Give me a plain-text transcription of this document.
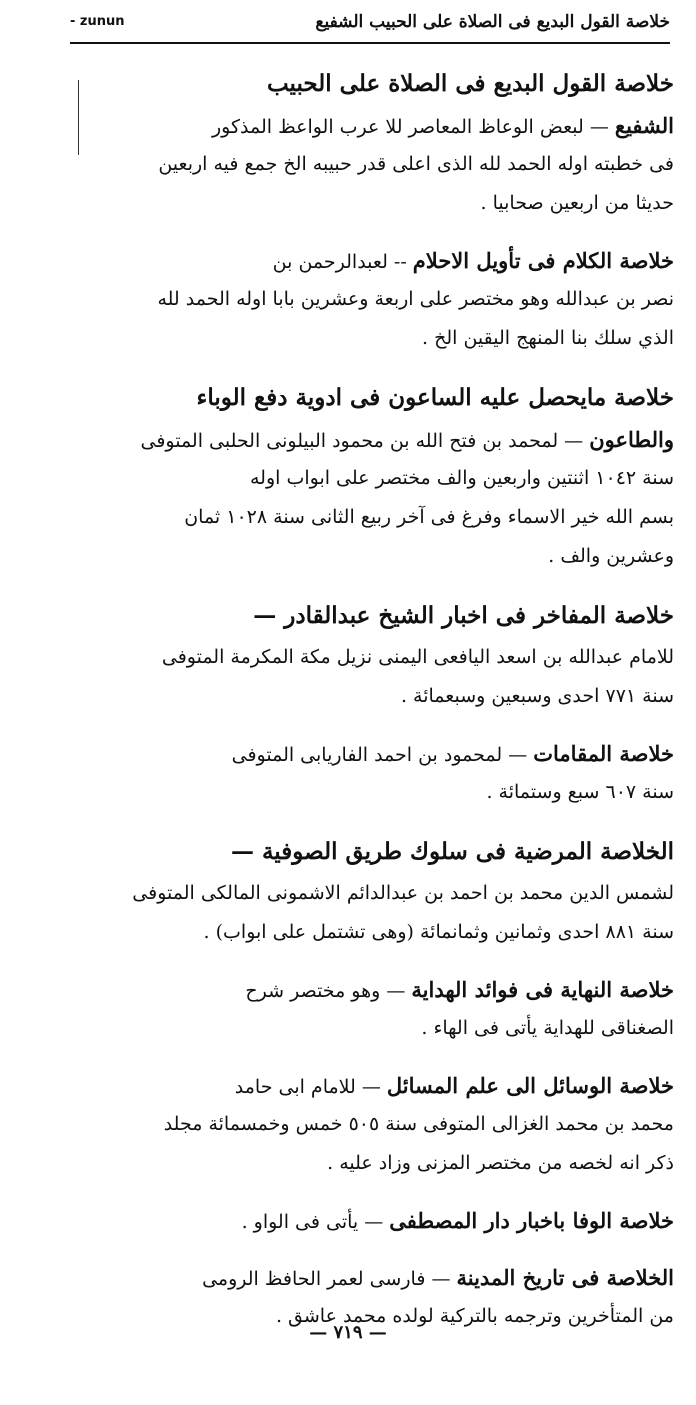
- zunun	خلاصة القول البديع فى الصلاة على الحبيب الشفيع
خلاصة القول البديع فى الصلاة على الحبيب
الشفيع — لبعض الوعاظ المعاصر للا عرب الواعظ المذكور
فى خطبته اوله الحمد لله الذى اعلى قدر حبيبه الخ جمع فيه اربعين
حديثا من اربعين صحابيا .
خلاصة الكلام فى تأويل الاحلام -- لعبدالرحمن بن
نصر بن عبدالله وهو مختصر على اربعة وعشرين بابا اوله الحمد لله
الذي سلك بنا المنهج اليقين الخ .
خلاصة مايحصل عليه الساعون فى ادوية دفع الوباء
والطاعون — لمحمد بن فتح الله بن محمود البيلونى الحلبى المتوفى
سنة ١٠٤٢ اثنتين واربعين والف مختصر على ابواب اوله
بسم الله خير الاسماء وفرغ فى آخر ربيع الثانى سنة ١٠٢٨ ثمان
وعشرين والف .
خلاصة المفاخر فى اخبار الشيخ عبدالقادر —
للامام عبدالله بن اسعد اليافعى اليمنى نزيل مكة المكرمة المتوفى
سنة ٧٧١ احدى وسبعين وسبعمائة .
خلاصة المقامات — لمحمود بن احمد الفاريابى المتوفى
سنة ٦٠٧ سبع وستمائة .
الخلاصة المرضية فى سلوك طريق الصوفية —
لشمس الدين محمد بن احمد بن عبدالدائم الاشمونى المالكى المتوفى
سنة ٨٨١ احدى وثمانين وثمانمائة (وهى تشتمل على ابواب) .
خلاصة النهاية فى فوائد الهداية — وهو مختصر شرح
الصغناقى للهداية يأتى فى الهاء .
خلاصة الوسائل الى علم المسائل — للامام ابى حامد
محمد بن محمد الغزالى المتوفى سنة ٥٠٥ خمس وخمسمائة مجلد
ذكر انه لخصه من مختصر المزنى وزاد عليه .
خلاصة الوفا باخبار دار المصطفى — يأتى فى الواو .
الخلاصة فى تاريخ المدينة — فارسى لعمر الحافظ الرومى
من المتأخرين وترجمه بالتركية لولده محمد عاشق .
— ٧١٩ —
